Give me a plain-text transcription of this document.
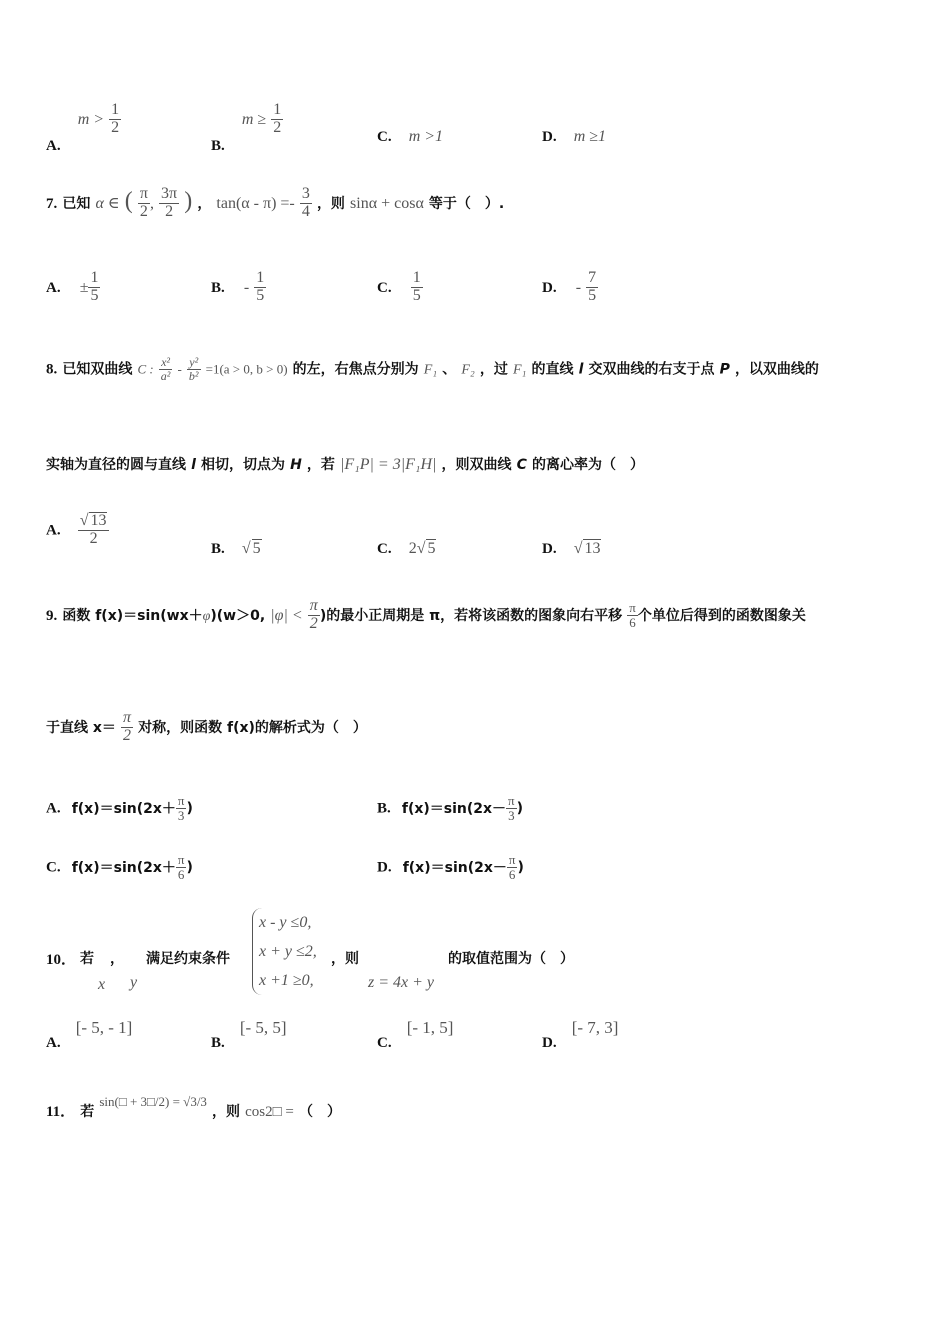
A. $m > \frac{1}{2}$
B. $m \ge \frac{1}{2}$
C. m >1	D. m ≥1
7. 已知 α ∈ ( $\frac{\pi}{2}$ , $\frac{3\pi}{2}$ ) ， $\tan(\alpha - \pi) =- \frac{3}{4}$ ，则 sinα + cosα 等于（　）.
A. ± $\frac{1}{5}$	B. - $\frac{1}{5}$	C. $\frac{1}{5}$	D. - $\frac{7}{5}$
8. 已知双曲线 C : $\frac{\text{x²}}{\text{a²}} - \frac{\text{y²}}{\text{b²}} =1(a > 0$, b > 0) 的左，右焦点分别为 F₁ 、 F₂ ，过 F₁ 的直线 l 交双曲线的右支于点 P ，以双曲线的
实轴为直径的圆与直线 l 相切，切点为 H ，若 |F₁P| = 3|F₁H| ，则双曲线 C 的离心率为（　）
A. $\frac{√ 13}{2}$
B. √ 5	C. 2√ 5	D. √ 13
9. 函数 f(x)＝sin(wx＋φ)(w＞0, $|\varphi| < \frac{\pi}{2}$ )的最小正周期是 π，若将该函数的图象向右平移 $\frac{\pi}{6}$ 个单位后得到的函数图象关
于直线 $x= \frac{\pi}{2}$ 对称，则函数 f(x)的解析式为（　）
A. $f(x)=\sin(2x+ \frac{\pi}{3}$ )	B. $f(x)=\sin(2x- \frac{\pi}{3}$ )
C. $f(x)=\sin(2x+ \frac{\pi}{6}$ )	D. $f(x)=\sin(2x- \frac{\pi}{6}$ )
10． 若 ， 满足约束条件
x y
x - y ≤0,
x + y ≤2,
x +1 ≥0,
，则	的取值范围为（　）
z = 4x + y
A. [- 5, - 1]
B. [- 5, 5]
C. [- 1, 5]
D. [- 7, 3]
11． 若 $^{sin(□ + 3□/2) = √3/3}$ ，则 cos2□ = （　）
